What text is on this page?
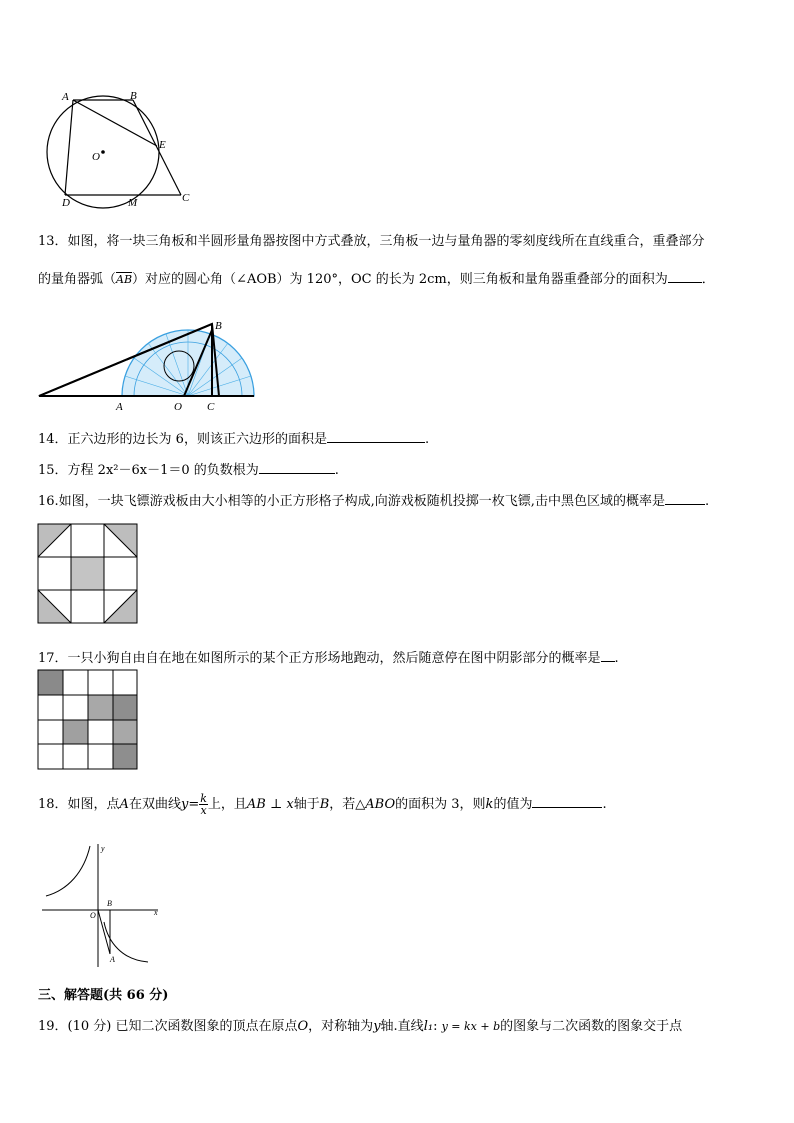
A	B
E
O
D	M	C
13．如图，将一块三角板和半圆形量角器按图中方式叠放，三角板一边与量角器的零刻度线所在直线重合，重叠部分
的量角器弧$(\overline{AB})$对应的圆心角（∠AOB）为 120°，OC 的长为 2cm，则三角板和量角器重叠部分的面积为	．
B
A	O C
14．正六边形的边长为 6，则该正六边形的面积是	.
15．方程 2x²－6x－1＝0 的负数根为	.
16.如图，一块飞镖游戏板由大小相等的小正方形格子构成,向游戏板随机投掷一枚飞镖,击中黑色区域的概率是	.
17．一只小狗自由自在地在如图所示的某个正方形场地跑动，然后随意停在图中阴影部分的概率是 .
18．如图，点A在双曲线$y= \frac{k}{x}$ 上，且AB ⊥ x轴于B，若△ABO的面积为 3，则k的值为	.
y
x
O
B
A
三、解答题(共 66 分)
19．(10 分) 已知二次函数图象的顶点在原点O，对称轴为y轴.直线l₁: y = kx + b的图象与二次函数的图象交于点
